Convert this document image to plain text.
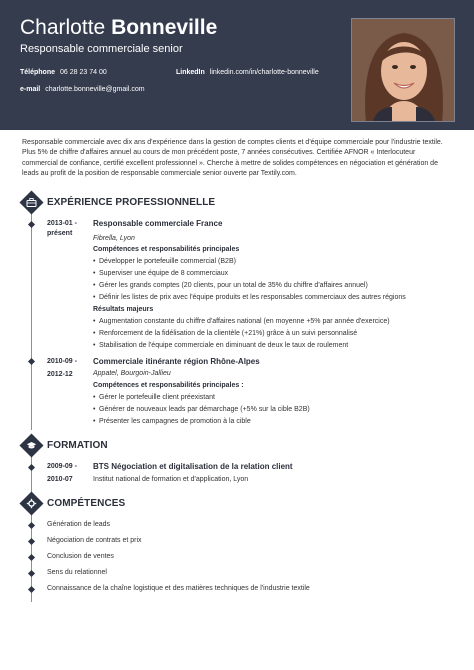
Charlotte Bonneville
Responsable commerciale senior
Téléphone 06 28 23 74 00	LinkedIn linkedin.com/in/charlotte-bonneville
e-mail charlotte.bonneville@gmail.com
Responsable commerciale avec dix ans d'expérience dans la gestion de comptes clients et d'équipe commerciale pour l'industrie textile.
Plus 5% de chiffre d'affaires annuel au cours de mon précédent poste, 7 années consécutives. Certifiée AFNOR « Interlocuteur
commercial de confiance, certifié excellent professionnel ». Cherche à mettre de solides compétences en négociation et génération de
leads au profit de la position de responsable commerciale senior ouverte par Textily.com.
EXPÉRIENCE PROFESSIONNELLE
2013-01 -
présent
Responsable commerciale France
Fibrella, Lyon
Compétences et responsabilités principales
• Développer le portefeuille commercial (B2B)
• Superviser une équipe de 8 commerciaux
• Gérer les grands comptes (20 clients, pour un total de 35% du chiffre d'affaires annuel)
• Définir les listes de prix avec l'équipe produits et les responsables commerciaux des autres régions
Résultats majeurs
• Augmentation constante du chiffre d'affaires national (en moyenne +5% par année d'exercice)
• Renforcement de la fidélisation de la clientèle (+21%) grâce à un suivi personnalisé
• Stabilisation de l'équipe commerciale en diminuant de deux le taux de roulement
2010-09 -
2012-12
Commerciale itinérante région Rhône-Alpes
Appatel, Bourgoin-Jallieu
Compétences et responsabilités principales :
• Gérer le portefeuille client préexistant
• Générer de nouveaux leads par démarchage (+5% sur la cible B2B)
• Présenter les campagnes de promotion à la cible
FORMATION
2009-09 -
2010-07
BTS Négociation et digitalisation de la relation client
Institut national de formation et d'application, Lyon
COMPÉTENCES
Génération de leads
Négociation de contrats et prix
Conclusion de ventes
Sens du relationnel
Connaissance de la chaîne logistique et des matières techniques de l'industrie textile
